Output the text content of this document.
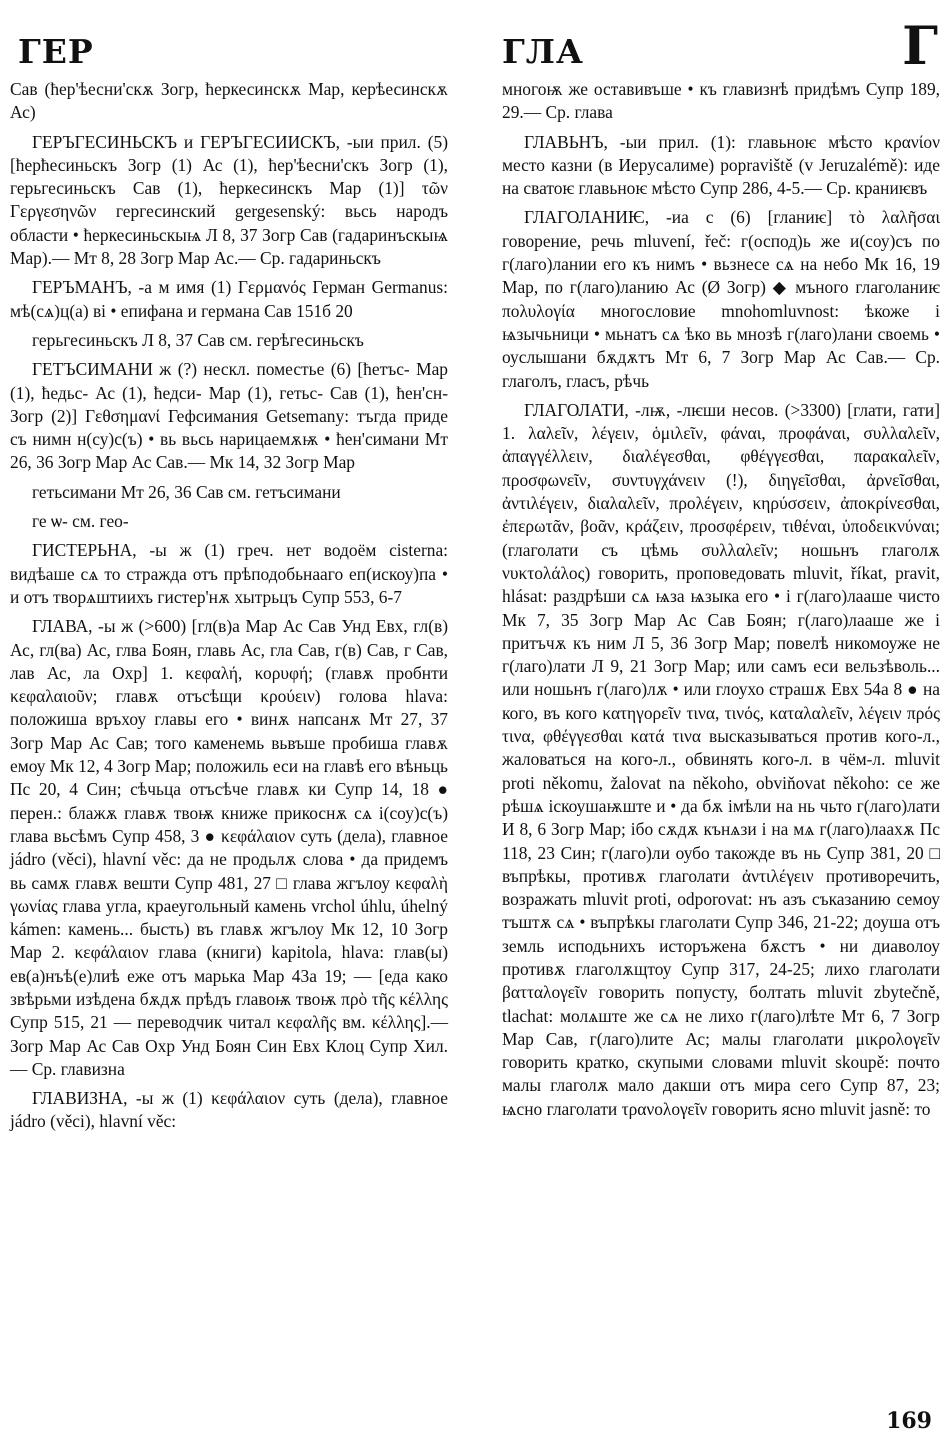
ГЕР	ГЛА	Г

Сав (ћер'ѣесни'скѫ Зогр, ћеркесинскѫ Мар, керѣесинскѫ Ас)

ГЕРЪГЕСИНЬСКЪ и ГЕРЪГЕСИИСКЪ, -ыи прил. (5) [ћерћесиньскъ Зогр (1) Ас (1), ћер'ѣесни'скъ Зогр (1), герьгесиньскъ Сав (1), ћеркесинскъ Мар (1)] τῶν Γεργεσηνῶν гергесинский gergesenský: вьсь народъ области • ћеркесиньскыѩ Л 8, 37 Зогр Сав (гадаринъскыѩ Мар).— Мт 8, 28 Зогр Мар Ас.— Ср. гадариньскъ

ГЕРЪМАНЪ, -а м имя (1) Γερμανός Герман Germanus: мѣ(сѧ)ц(а) ві • епифана и германа Сав 151б 20

герьгесиньскъ Л 8, 37 Сав см. герѣгесиньскъ

ГЕТЪСИМАНИ ж (?) нескл. поместье (6) [ћетъс- Мар (1), ћедьс- Ас (1), ћедси- Мар (1), гетьс- Сав (1), ћен'сн- Зогр (2)] Γεθσημανί Гефсимания Getsemany: тъгда приде съ нимн н(су)с(ъ) • вь вьсь нарицаемѫѭ • ћен'симани Мт 26, 36 Зогр Мар Ас Сав.— Мк 14, 32 Зогр Мар

гетьсимани Мт 26, 36 Сав см. гетъсимани

ге ѡ- см. гео-

ГИСТЕРЬНА, -ы ж (1) греч. нет водоём cisterna: видѣаше сѧ то стражда отъ прѣподобьнааго еп(искоу)па • и отъ творѧштиихъ гистер'нѫ хытрьцъ Супр 553, 6-7

ГЛАВА, -ы ж (>600) [гл(в)а Мар Ас Сав Унд Евх, гл(в) Ас, гл(ва) Ас, глва Боян, главь Ас, гла Сав, г(в) Сав, г Сав, лав Ас, ла Охр] 1. κεφαλή, κορυφή; (главѫ пробнти κεφαλαιοῦν; главѫ отъсѣщи κρούειν) голова hlava: положиша връхоу главы его • винѫ напсанѫ Мт 27, 37 Зогр Мар Ас Сав; того каменемь вьвъше пробиша главѫ емоу Мк 12, 4 Зогр Мар; положиль еси на главѣ его вѣньць Пс 20, 4 Син; сѣчьца отъсѣче главѫ ки Супр 14, 18 ● перен.: блажѫ главѫ твоѭ книже прикоснѫ сѧ і(соу)с(ъ) глава вьсѣмъ Супр 458, 3 ● κεφάλαιον суть (дела), главное jádro (věci), hlavní věc: да не продьлѫ слова • да придемъ вь самѫ главѫ вешти Супр 481, 27 □ глава жгълоу κεφαλὴ γωνίας глава угла, краеугольный камень vrchol úhlu, úhelný kámen: камень... бысть) въ главѫ жгълоу Мк 12, 10 Зогр Мар 2. κεφάλαιον глава (книги) kapitola, hlava: глав(ы) ев(а)нъѣ(е)лиѣ еже отъ марька Мар 43а 19; — [еда како звѣрьми изѣдена бѫдѫ прѣдъ главоѭ твоѭ πρὸ τῆς κέλλης Супр 515, 21 — переводчик читал κεφαλῆς вм. κέλλης].— Зогр Мар Ас Сав Охр Унд Боян Син Евх Клоц Супр Хил.— Ср. главизна

ГЛАВИЗНА, -ы ж (1) κεφάλαιον суть (дела), главное jádro (věci), hlavní věc:

многоѭ же оставивъше • къ главизнѣ придѣмъ Супр 189, 29.— Ср. глава

ГЛАВЬНЪ, -ыи прил. (1): главьноѥ мѣсто κρανίον место казни (в Иерусалиме) popraviště (v Jeruzalémě): иде на сватоѥ главьноѥ мѣсто Супр 286, 4-5.— Ср. краниѥвъ

ГЛАГОЛАНИѤ, -иа с (6) [гланиѥ] τὸ λαλῆσαι говорение, речь mluvení, řeč: г(оспод)ь же и(соу)съ по г(лаго)лании его къ нимъ • вьзнесе сѧ на небо Мк 16, 19 Мар, по г(лаго)ланию Ас (Ø Зогр) ◆ мъного глаголаниѥ πολυλογία многословие mnohomluvnost: ѣкоже і ѩзычьници • мьнатъ сѧ ѣко вь мнозѣ г(лаго)лани своемь • оуслышани бѫдѫтъ Мт 6, 7 Зогр Мар Ас Сав.— Ср. глаголъ, гласъ, рѣчь

ГЛАГОЛАТИ, -лѭ, -лѥши несов. (>3300) [глати, гати] 1. λαλεῖν, λέγειν, ὁμιλεῖν, φάναι, προφάναι, συλλαλεῖν, ἀπαγγέλλειν, διαλέγεσθαι, φθέγγεσθαι, παρακαλεῖν, προσφωνεῖν, συντυγχάνειν (!), διηγεῖσθαι, ἀρνεῖσθαι, ἀντιλέγειν, διαλαλεῖν, προλέγειν, κηρύσσειν, ἀποκρίνεσθαι, ἐπερωτᾶν, βοᾶν, κράζειν, προσφέρειν, τιθέναι, ὑποδεικνύναι; (глаголати съ цѣмь συλλαλεῖν; ношьнъ глаголѫ νυκτολάλος) говорить, проповедовать mluvit, říkat, pravit, hlásat: раздрѣши сѧ ѩза ѩзыка его • і г(лаго)лааше чисто Мк 7, 35 Зогр Мар Ас Сав Боян; г(лаго)лааше же і притъчѫ къ ним Л 5, 36 Зогр Мар; повелѣ никомоуже не г(лаго)лати Л 9, 21 Зогр Мар; или самъ еси вельзѣволь... или ношьнъ г(лаго)лѫ • или глоухо страшѫ Евх 54а 8 ● на кого, въ кого κατηγορεῖν τινα, τινός, καταλαλεῖν, λέγειν πρός τινα, φθέγγεσθαι κατά τινα высказываться против кого-л., жаловаться на кого-л., обвинять кого-л. в чём-л. mluvit proti někomu, žalovat na někoho, obviňovat někoho: се же рѣшѧ іскоушаѭште и • да бѫ імѣли на нь чьто г(лаго)лати И 8, 6 Зогр Мар; ібо сѫдѫ кънѧзи і на мѧ г(лаго)лаахѫ Пс 118, 23 Син; г(лаго)ли оубо такожде въ нь Супр 381, 20 □ въпрѣкы, противѫ глаголати ἀντιλέγειν противоречить, возражать mluvit proti, odporovat: нъ азъ съказанию семоу тъштѫ сѧ • въпрѣкы глаголати Супр 346, 21-22; доуша отъ земль исподьнихъ исторъжена бѫстъ • ни диаволоу противѫ глаголѫщтоу Супр 317, 24-25; лихо глаголати βατταλογεῖν говорить попусту, болтать mluvit zbytečně, tlachat: молѧште же сѧ не лихо г(лаго)лѣте Мт 6, 7 Зогр Мар Сав, г(лаго)лите Ас; малы глаголати μικρολογεῖν говорить кратко, скупыми словами mluvit skoupě: почто малы глаголѫ мало дакши отъ мира сего Супр 87, 23; ѩсно глаголати τρανολογεῖν говорить ясно mluvit jasně: то

169
